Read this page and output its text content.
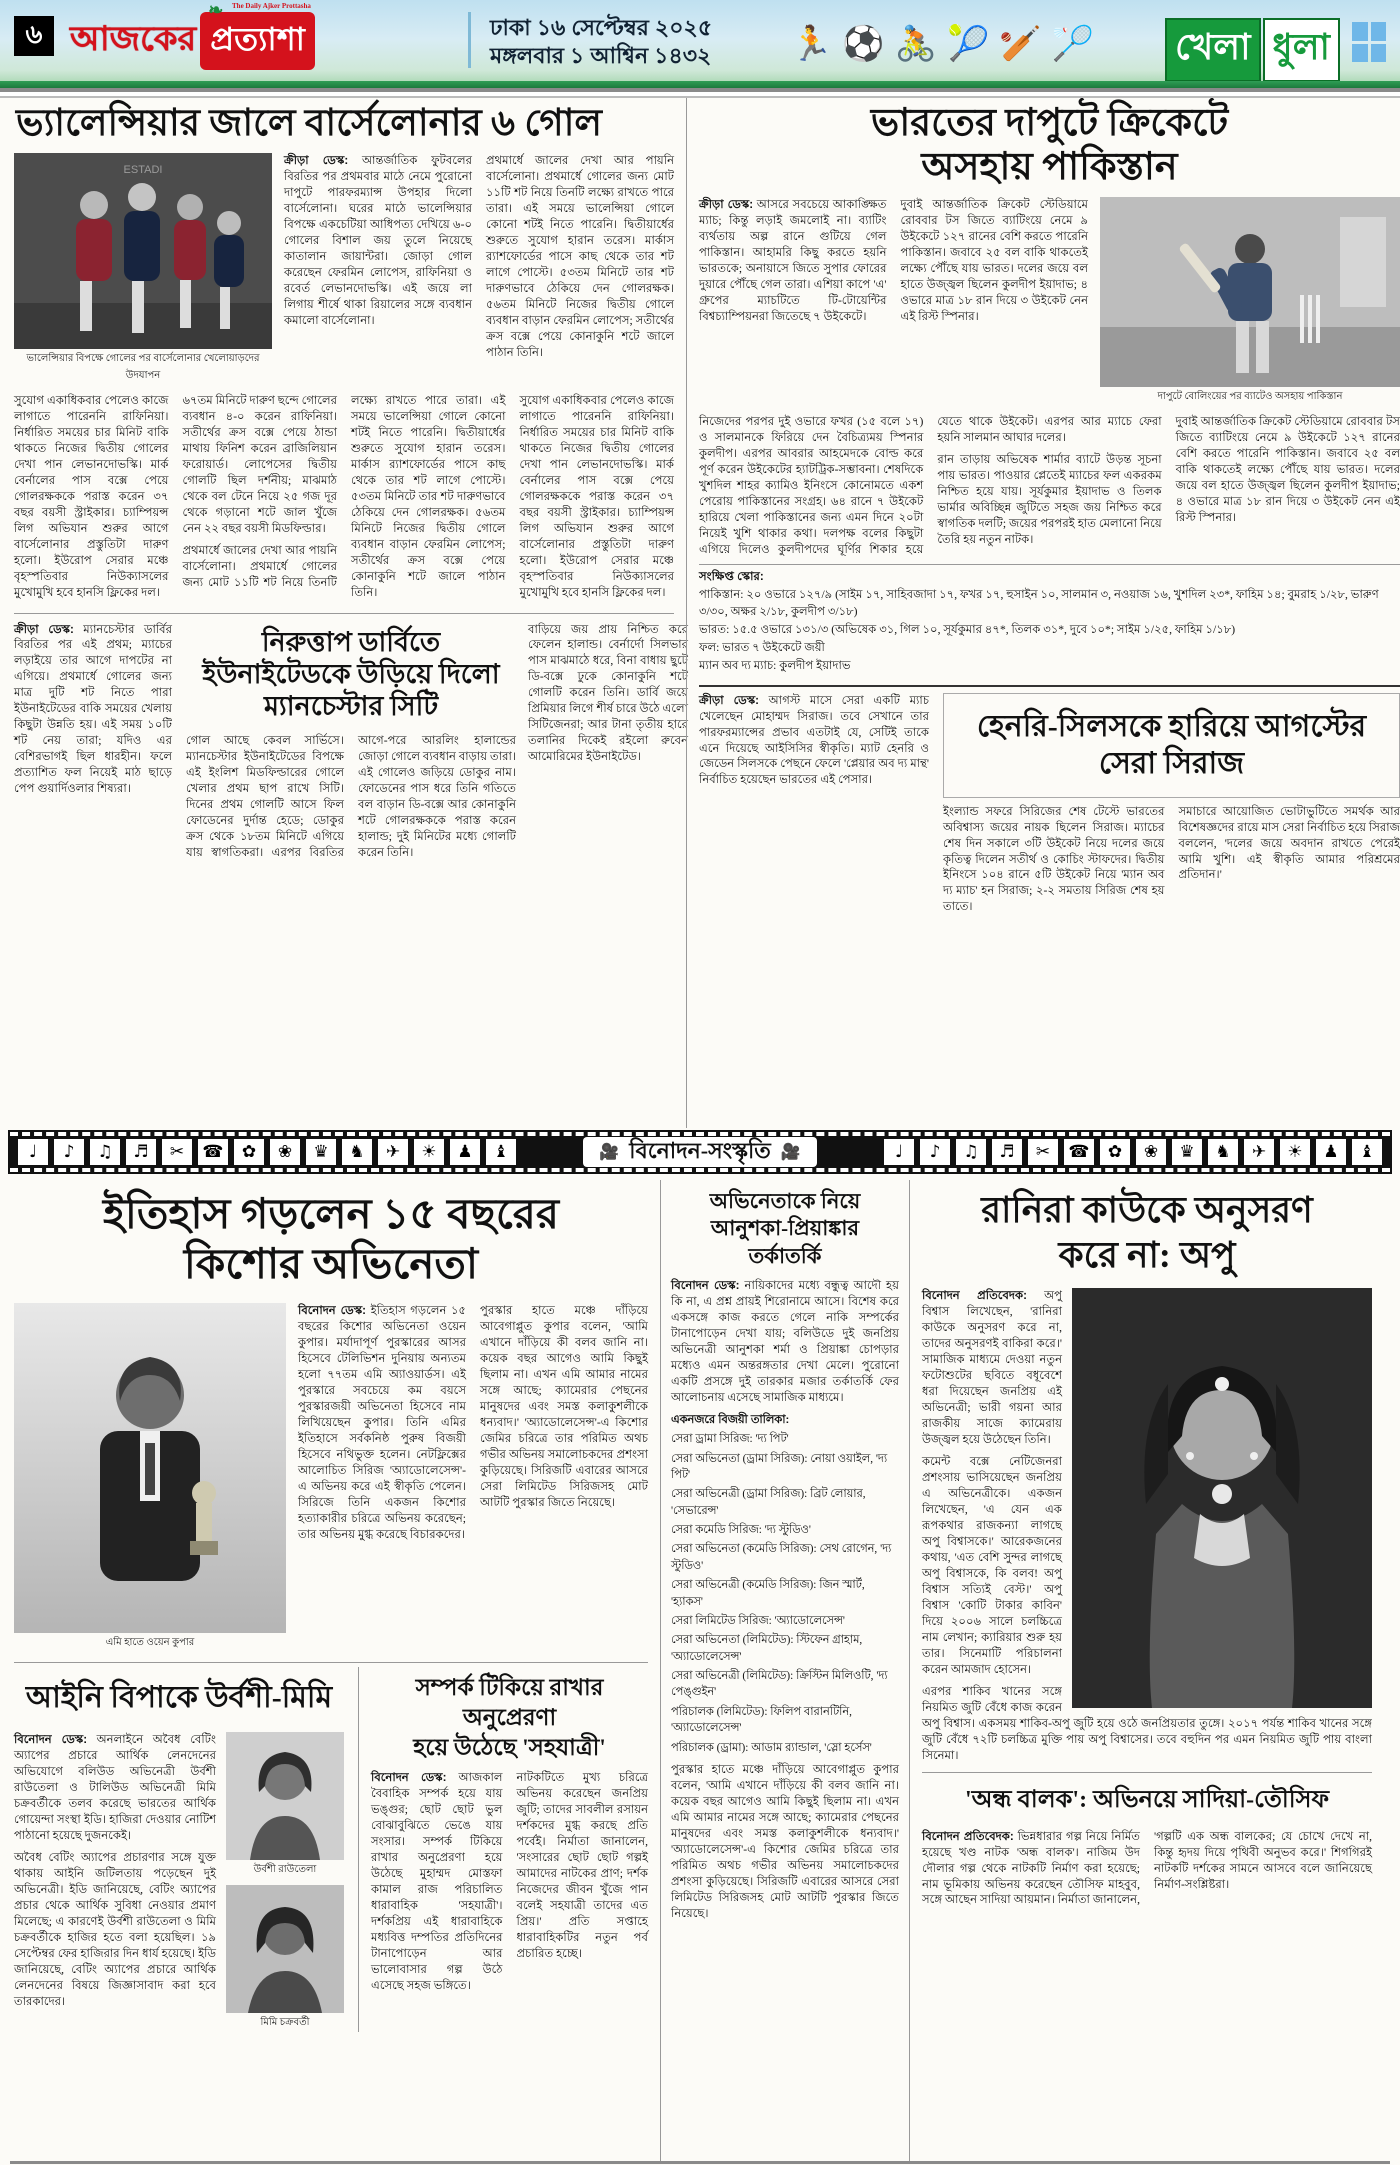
৬ আজকের
❧ The Daily Ajker Prottasha
প্রত্যাশা	ঢাকা ১৬ সেপ্টেম্বর ২০২৫
মঙ্গলবার ১ আশ্বিন ১৪৩২ 🏃 ⚽ 🚴 🎾 🏏 🏸 খেলা ধুলা
ভ্যালেন্সিয়ার জালে বার্সেলোনার ৬ গোল
ESTADI
ভালেন্সিয়ার বিপক্ষে গোলের পর বার্সেলোনার খেলোয়াড়দের উদযাপন

ক্রীড়া ডেস্ক: আন্তর্জাতিক ফুটবলের বিরতির পর প্রথমবার মাঠে নেমে পুরোনো দাপুটে পারফরম্যান্স উপহার দিলো বার্সেলোনা। ঘরের মাঠে ভালেন্সিয়ার বিপক্ষে একচেটিয়া আধিপত্য দেখিয়ে ৬-০ গোলের বিশাল জয় তুলে নিয়েছে কাতালান জায়ান্টরা। জোড়া গোল করেছেন ফেরমিন লোপেস, রাফিনিয়া ও রবের্ত লেভানদোভস্কি। এই জয়ে লা লিগায় শীর্ষে থাকা রিয়ালের সঙ্গে ব্যবধান কমালো বার্সেলোনা।

প্রথমার্ধে জালের দেখা আর পায়নি বার্সেলোনা। প্রথমার্ধে গোলের জন্য মোট ১১টি শট নিয়ে তিনটি লক্ষ্যে রাখতে পারে তারা। এই সময়ে ভালেন্সিয়া গোলে কোনো শটই নিতে পারেনি। দ্বিতীয়ার্ধের শুরুতে সুযোগ হারান তরেস। মার্কাস র‍্যাশফোর্ডের পাসে কাছ থেকে তার শট লাগে পোস্টে। ৫৩তম মিনিটে তার শট দারুণভাবে ঠেকিয়ে দেন গোলরক্ষক। ৫৬তম মিনিটে নিজের দ্বিতীয় গোলে ব্যবধান বাড়ান ফেরমিন লোপেস; সতীর্থের ক্রস বক্সে পেয়ে কোনাকুনি শটে জালে পাঠান তিনি।

সুযোগ একাধিকবার পেলেও কাজে লাগাতে পারেননি রাফিনিয়া। নির্ধারিত সময়ের চার মিনিট বাকি থাকতে নিজের দ্বিতীয় গোলের দেখা পান লেভানদোভস্কি। মার্ক বের্নালের পাস বক্সে পেয়ে গোলরক্ষককে পরাস্ত করেন ৩৭ বছর বয়সী স্ট্রাইকার। চ্যাম্পিয়ন্স লিগ অভিযান শুরুর আগে বার্সেলোনার প্রস্তুতিটা দারুণ হলো। ইউরোপ সেরার মঞ্চে বৃহস্পতিবার নিউক্যাসলের মুখোমুখি হবে হানসি ফ্লিকের দল।

৬৭তম মিনিটে দারুণ ছন্দে গোলের ব্যবধান ৪-০ করেন রাফিনিয়া। সতীর্থের ক্রস বক্সে পেয়ে ঠান্ডা মাথায় ফিনিশ করেন ব্রাজিলিয়ান ফরোয়ার্ড। লোপেসের দ্বিতীয় গোলটি ছিল দর্শনীয়; মাঝমাঠ থেকে বল টেনে নিয়ে ২৫ গজ দূর থেকে গড়ানো শটে জাল খুঁজে নেন ২২ বছর বয়সী মিডফিল্ডার।

প্রথমার্ধে জালের দেখা আর পায়নি বার্সেলোনা। প্রথমার্ধে গোলের জন্য মোট ১১টি শট নিয়ে তিনটি লক্ষ্যে রাখতে পারে তারা। এই সময়ে ভালেন্সিয়া গোলে কোনো শটই নিতে পারেনি। দ্বিতীয়ার্ধের শুরুতে সুযোগ হারান তরেস। মার্কাস র‍্যাশফোর্ডের পাসে কাছ থেকে তার শট লাগে পোস্টে। ৫৩তম মিনিটে তার শট দারুণভাবে ঠেকিয়ে দেন গোলরক্ষক। ৫৬তম মিনিটে নিজের দ্বিতীয় গোলে ব্যবধান বাড়ান ফেরমিন লোপেস; সতীর্থের ক্রস বক্সে পেয়ে কোনাকুনি শটে জালে পাঠান তিনি।

সুযোগ একাধিকবার পেলেও কাজে লাগাতে পারেননি রাফিনিয়া। নির্ধারিত সময়ের চার মিনিট বাকি থাকতে নিজের দ্বিতীয় গোলের দেখা পান লেভানদোভস্কি। মার্ক বের্নালের পাস বক্সে পেয়ে গোলরক্ষককে পরাস্ত করেন ৩৭ বছর বয়সী স্ট্রাইকার। চ্যাম্পিয়ন্স লিগ অভিযান শুরুর আগে বার্সেলোনার প্রস্তুতিটা দারুণ হলো। ইউরোপ সেরার মঞ্চে বৃহস্পতিবার নিউক্যাসলের মুখোমুখি হবে হানসি ফ্লিকের দল।

ক্রীড়া ডেস্ক: ম্যানচেস্টার ডার্বির বিরতির পর এই প্রথম; ম্যাচের লড়াইয়ে তার আগে দাপটের না এগিয়ে। প্রথমার্ধে গোলের জন্য মাত্র দুটি শট নিতে পারা ইউনাইটেডের বাকি সময়ের খেলায় কিছুটা উন্নতি হয়। এই সময় ১০টি শট নেয় তারা; যদিও এর বেশিরভাগই ছিল ধারহীন। ফলে প্রত্যাশিত ফল নিয়েই মাঠ ছাড়ে পেপ গুয়ার্দিওলার শিষ্যরা।

নিরুত্তাপ ডার্বিতে ইউনাইটেডকে উড়িয়ে দিলো ম্যানচেস্টার সিটি

গোল আছে কেবল সার্ভিসে। ম্যানচেস্টার ইউনাইটেডের বিপক্ষে এই ইংলিশ মিডফিল্ডারের গোলে খেলার প্রথম ছাপ রাখে সিটি। দিনের প্রথম গোলটি আসে ফিল ফোডেনের দুর্দান্ত হেডে; ডোকুর ক্রস থেকে ১৮তম মিনিটে এগিয়ে যায় স্বাগতিকরা। এরপর বিরতির আগে-পরে আরলিং হালান্ডের জোড়া গোলে ব্যবধান বাড়ায় তারা। এই গোলেও জড়িয়ে ডোকুর নাম। ফোডেনের পাস ধরে তিনি গতিতে বল বাড়ান ডি-বক্সে আর কোনাকুনি শটে গোলরক্ষককে পরাস্ত করেন হালান্ড; দুই মিনিটের মধ্যে গোলটি করেন তিনি।

বাড়িয়ে জয় প্রায় নিশ্চিত করে ফেলেন হালান্ড। বের্নার্দো সিলভার পাস মাঝমাঠে ধরে, বিনা বাধায় ছুটে ডি-বক্সে ঢুকে কোনাকুনি শটে গোলটি করেন তিনি। ডার্বি জয়ে প্রিমিয়ার লিগে শীর্ষ চারে উঠে এলো সিটিজেনরা; আর টানা তৃতীয় হারে তলানির দিকেই রইলো রুবেন আমোরিমের ইউনাইটেড।

ভারতের দাপুটে ক্রিকেটে
অসহায় পাকিস্তান

ক্রীড়া ডেস্ক: আসরে সবচেয়ে আকাঙ্ক্ষিত ম্যাচ; কিন্তু লড়াই জমলোই না। ব্যাটিং ব্যর্থতায় অল্প রানে গুটিয়ে গেল পাকিস্তান। আহামরি কিছু করতে হয়নি ভারতকে; অনায়াসে জিতে সুপার ফোরের দুয়ারে পৌঁছে গেল তারা। এশিয়া কাপে 'এ' গ্রুপের ম্যাচটিতে টি-টোয়েন্টির বিশ্বচ্যাম্পিয়নরা জিতেছে ৭ উইকেটে।

দুবাই আন্তর্জাতিক ক্রিকেট স্টেডিয়ামে রোববার টস জিতে ব্যাটিংয়ে নেমে ৯ উইকেটে ১২৭ রানের বেশি করতে পারেনি পাকিস্তান। জবাবে ২৫ বল বাকি থাকতেই লক্ষ্যে পৌঁছে যায় ভারত। দলের জয়ে বল হাতে উজ্জ্বল ছিলেন কুলদীপ ইয়াদাভ; ৪ ওভারে মাত্র ১৮ রান দিয়ে ৩ উইকেট নেন এই রিস্ট স্পিনার।

দাপুটে বোলিংয়ের পর ব্যাটেও অসহায় পাকিস্তান

নিজেদের পরপর দুই ওভারে ফখর (১৫ বলে ১৭) ও সালমানকে ফিরিয়ে দেন বৈচিত্র্যময় স্পিনার কুলদীপ। এরপর আবরার আহমেদকে বোল্ড করে পূর্ণ করেন উইকেটের হ্যাটট্রিক-সম্ভাবনা। শেষদিকে খুশদিল শাহর ক্যামিও ইনিংসে কোনোমতে একশ পেরোয় পাকিস্তানের সংগ্রহ। ৬৪ রানে ৭ উইকেট হারিয়ে খেলা পাকিস্তানের জন্য এমন দিনে ২০টা নিয়েই খুশি থাকার কথা। দলপক্ষ বলের কিছুটা এগিয়ে দিলেও কুলদীপদের ঘূর্ণির শিকার হয়ে যেতে থাকে উইকেট। এরপর আর ম্যাচে ফেরা হয়নি সালমান আঘার দলের।

রান তাড়ায় অভিষেক শার্মার ব্যাটে উড়ন্ত সূচনা পায় ভারত। পাওয়ার প্লেতেই ম্যাচের ফল একরকম নিশ্চিত হয়ে যায়। সূর্যকুমার ইয়াদাভ ও তিলক ভার্মার অবিচ্ছিন্ন জুটিতে সহজ জয় নিশ্চিত করে স্বাগতিক দলটি; জয়ের পরপরই হাত মেলানো নিয়ে তৈরি হয় নতুন নাটক।

দুবাই আন্তর্জাতিক ক্রিকেট স্টেডিয়ামে রোববার টস জিতে ব্যাটিংয়ে নেমে ৯ উইকেটে ১২৭ রানের বেশি করতে পারেনি পাকিস্তান। জবাবে ২৫ বল বাকি থাকতেই লক্ষ্যে পৌঁছে যায় ভারত। দলের জয়ে বল হাতে উজ্জ্বল ছিলেন কুলদীপ ইয়াদাভ; ৪ ওভারে মাত্র ১৮ রান দিয়ে ৩ উইকেট নেন এই রিস্ট স্পিনার।

সংক্ষিপ্ত স্কোর:
পাকিস্তান: ২০ ওভারে ১২৭/৯ (সাইম ১৭, সাহিবজাদা ১৭, ফখর ১৭, হুসাইন ১০, সালমান ৩, নওয়াজ ১৬, খুশদিল ২৩*, ফাহিম ১৪; বুমরাহ ১/২৮, ভারুণ ৩/৩০, অক্ষর ২/১৮, কুলদীপ ৩/১৮)
ভারত: ১৫.৫ ওভারে ১৩১/৩ (অভিষেক ৩১, গিল ১০, সূর্যকুমার ৪৭*, তিলক ৩১*, দুবে ১০*; সাইম ১/২৫, ফাহিম ১/১৮)
ফল: ভারত ৭ উইকেটে জয়ী
ম্যান অব দ্য ম্যাচ: কুলদীপ ইয়াদাভ

ক্রীড়া ডেস্ক: আগস্ট মাসে সেরা একটি ম্যাচ খেলেছেন মোহাম্মদ সিরাজ। তবে সেখানে তার পারফরম্যান্সের প্রভাব এতটাই যে, সেটিই তাকে এনে দিয়েছে আইসিসির স্বীকৃতি। ম্যাট হেনরি ও জেডেন সিলসকে পেছনে ফেলে 'প্লেয়ার অব দ্য মান্থ' নির্বাচিত হয়েছেন ভারতের এই পেসার।

হেনরি-সিলসকে হারিয়ে আগস্টের সেরা সিরাজ

ইংল্যান্ড সফরে সিরিজের শেষ টেস্টে ভারতের অবিশ্বাস্য জয়ের নায়ক ছিলেন সিরাজ। ম্যাচের শেষ দিন সকালে ৩টি উইকেট নিয়ে দলের জয়ে কৃতিত্ব দিলেন সতীর্থ ও কোচিং স্টাফদের। দ্বিতীয় ইনিংসে ১০৪ রানে ৫টি উইকেট নিয়ে 'ম্যান অব দ্য ম্যাচ' হন সিরাজ; ২-২ সমতায় সিরিজ শেষ হয় তাতে।

সমাচারে আয়োজিত ভোটাভুটিতে সমর্থক আর বিশেষজ্ঞদের রায়ে মাস সেরা নির্বাচিত হয়ে সিরাজ বললেন, 'দলের জয়ে অবদান রাখতে পেরেই আমি খুশি। এই স্বীকৃতি আমার পরিশ্রমের প্রতিদান।'

♩	♪	♫	♬	✂	☎	✿	❀	♛	♞	✈	☀	♟	♝	🎥 বিনোদন-সংস্কৃতি 🎥	♩	♪	♫	♬	✂	☎	✿	❀	♛	♞	✈	☀	♟	♝
ইতিহাস গড়লেন ১৫ বছরের
কিশোর অভিনেতা
এমি হাতে ওয়েন কুপার

বিনোদন ডেস্ক: ইতিহাস গড়লেন ১৫ বছরের কিশোর অভিনেতা ওয়েন কুপার। মর্যাদাপূর্ণ পুরস্কারের আসর হিসেবে টেলিভিশন দুনিয়ায় অন্যতম হলো ৭৭তম এমি অ্যাওয়ার্ডস। এই পুরস্কারে সবচেয়ে কম বয়সে পুরস্কারজয়ী অভিনেতা হিসেবে নাম লিখিয়েছেন কুপার। তিনি এমির ইতিহাসে সর্বকনিষ্ঠ পুরুষ বিজয়ী হিসেবে নথিভুক্ত হলেন। নেটফ্লিক্সের আলোচিত সিরিজ 'অ্যাডোলেসেন্স'-এ অভিনয় করে এই স্বীকৃতি পেলেন। সিরিজে তিনি একজন কিশোর হত্যাকারীর চরিত্রে অভিনয় করেছেন; তার অভিনয় মুগ্ধ করেছে বিচারকদের।

পুরস্কার হাতে মঞ্চে দাঁড়িয়ে আবেগাপ্লুত কুপার বলেন, 'আমি এখানে দাঁড়িয়ে কী বলব জানি না। কয়েক বছর আগেও আমি কিছুই ছিলাম না। এখন এমি আমার নামের সঙ্গে আছে; ক্যামেরার পেছনের মানুষদের এবং সমস্ত কলাকুশলীকে ধন্যবাদ।' 'অ্যাডোলেসেন্স'-এ কিশোর জেমির চরিত্রে তার পরিমিত অথচ গভীর অভিনয় সমালোচকদের প্রশংসা কুড়িয়েছে। সিরিজটি এবারের আসরে সেরা লিমিটেড সিরিজসহ মোট আটটি পুরস্কার জিতে নিয়েছে।

আইনি বিপাকে উর্বশী-মিমি

বিনোদন ডেস্ক: অনলাইনে অবৈধ বেটিং অ্যাপের প্রচারে আর্থিক লেনদেনের অভিযোগে বলিউড অভিনেত্রী উর্বশী রাউতেলা ও টালিউড অভিনেত্রী মিমি চক্রবর্তীকে তলব করেছে ভারতের আর্থিক গোয়েন্দা সংস্থা ইডি। হাজিরা দেওয়ার নোটিশ পাঠানো হয়েছে দুজনকেই।

অবৈধ বেটিং অ্যাপের প্রচারণার সঙ্গে যুক্ত থাকায় আইনি জটিলতায় পড়েছেন দুই অভিনেত্রী। ইডি জানিয়েছে, বেটিং অ্যাপের প্রচার থেকে আর্থিক সুবিধা নেওয়ার প্রমাণ মিলেছে; এ কারণেই উর্বশী রাউতেলা ও মিমি চক্রবর্তীকে হাজির হতে বলা হয়েছিল। ১৯ সেপ্টেম্বর ফের হাজিরার দিন ধার্য হয়েছে। ইডি জানিয়েছে, বেটিং অ্যাপের প্রচারে আর্থিক লেনদেনের বিষয়ে জিজ্ঞাসাবাদ করা হবে তারকাদের।

উর্বশী রাউতেলা
মিমি চক্রবর্তী
সম্পর্ক টিকিয়ে রাখার অনুপ্রেরণা
হয়ে উঠেছে 'সহযাত্রী'

বিনোদন ডেস্ক: আজকাল বৈবাহিক সম্পর্ক হয়ে যায় ভঙ্গুর; ছোট ছোট ভুল বোঝাবুঝিতে ভেঙে যায় সংসার। সম্পর্ক টিকিয়ে রাখার অনুপ্রেরণা হয়ে উঠেছে মুহাম্মদ মোস্তফা কামাল রাজ পরিচালিত ধারাবাহিক 'সহযাত্রী'। দর্শকপ্রিয় এই ধারাবাহিকে মধ্যবিত্ত দম্পতির প্রতিদিনের টানাপোড়েন আর ভালোবাসার গল্প উঠে এসেছে সহজ ভঙ্গিতে।

নাটকটিতে মুখ্য চরিত্রে অভিনয় করেছেন জনপ্রিয় জুটি; তাদের সাবলীল রসায়ন দর্শকদের মুগ্ধ করছে প্রতি পর্বেই। নির্মাতা জানালেন, 'সংসারের ছোট ছোট গল্পই আমাদের নাটকের প্রাণ; দর্শক নিজেদের জীবন খুঁজে পান বলেই সহযাত্রী তাদের এত প্রিয়।' প্রতি সপ্তাহে ধারাবাহিকটির নতুন পর্ব প্রচারিত হচ্ছে।

অভিনেতাকে নিয়ে
আনুশকা-প্রিয়াঙ্কার
তর্কাতর্কি

বিনোদন ডেস্ক: নায়িকাদের মধ্যে বন্ধুত্ব আদৌ হয় কি না, এ প্রশ্ন প্রায়ই শিরোনামে আসে। বিশেষ করে একসঙ্গে কাজ করতে গেলে নাকি সম্পর্কের টানাপোড়েন দেখা যায়; বলিউডে দুই জনপ্রিয় অভিনেত্রী আনুশকা শর্মা ও প্রিয়াঙ্কা চোপড়ার মধ্যেও এমন অন্তরঙ্গতার দেখা মেলে। পুরোনো একটি প্রসঙ্গে দুই তারকার মজার তর্কাতর্কি ফের আলোচনায় এসেছে সামাজিক মাধ্যমে।

একনজরে বিজয়ী তালিকা:
সেরা ড্রামা সিরিজ: 'দ্য পিট'
সেরা অভিনেতা (ড্রামা সিরিজ): নোয়া ওয়াইল, 'দ্য পিট'
সেরা অভিনেত্রী (ড্রামা সিরিজ): ব্রিট লোয়ার, 'সেভারেন্স'
সেরা কমেডি সিরিজ: 'দ্য স্টুডিও'
সেরা অভিনেতা (কমেডি সিরিজ): সেথ রোগেন, 'দ্য স্টুডিও'
সেরা অভিনেত্রী (কমেডি সিরিজ): জিন স্মার্ট, 'হ্যাকস'
সেরা লিমিটেড সিরিজ: 'অ্যাডোলেসেন্স'
সেরা অভিনেতা (লিমিটেড): স্টিফেন গ্রাহাম, 'অ্যাডোলেসেন্স'
সেরা অভিনেত্রী (লিমিটেড): ক্রিস্টিন মিলিওটি, 'দ্য পেঙ্গুইন'
পরিচালক (লিমিটেড): ফিলিপ বারানটিনি, 'অ্যাডোলেসেন্স'
পরিচালক (ড্রামা): আডাম র‍্যান্ডাল, 'স্লো হর্সেস'

পুরস্কার হাতে মঞ্চে দাঁড়িয়ে আবেগাপ্লুত কুপার বলেন, 'আমি এখানে দাঁড়িয়ে কী বলব জানি না। কয়েক বছর আগেও আমি কিছুই ছিলাম না। এখন এমি আমার নামের সঙ্গে আছে; ক্যামেরার পেছনের মানুষদের এবং সমস্ত কলাকুশলীকে ধন্যবাদ।' 'অ্যাডোলেসেন্স'-এ কিশোর জেমির চরিত্রে তার পরিমিত অথচ গভীর অভিনয় সমালোচকদের প্রশংসা কুড়িয়েছে। সিরিজটি এবারের আসরে সেরা লিমিটেড সিরিজসহ মোট আটটি পুরস্কার জিতে নিয়েছে।

রানিরা কাউকে অনুসরণ
করে না: অপু

বিনোদন প্রতিবেদক: অপু বিশ্বাস লিখেছেন, 'রানিরা কাউকে অনুসরণ করে না, তাদের অনুসরণই বাকিরা করে।' সামাজিক মাধ্যমে দেওয়া নতুন ফটোশুটের ছবিতে বধূবেশে ধরা দিয়েছেন জনপ্রিয় এই অভিনেত্রী; ভারী গয়না আর রাজকীয় সাজে ক্যামেরায় উজ্জ্বল হয়ে উঠেছেন তিনি।

কমেন্ট বক্সে নেটিজেনরা প্রশংসায় ভাসিয়েছেন জনপ্রিয় এ অভিনেত্রীকে। একজন লিখেছেন, 'এ যেন এক রূপকথার রাজকন্যা লাগছে অপু বিশ্বাসকে।' আরেকজনের কথায়, 'এত বেশি সুন্দর লাগছে অপু বিশ্বাসকে, কি বলব! অপু বিশ্বাস সত্যিই বেস্ট।' অপু বিশ্বাস 'কোটি টাকার কাবিন' দিয়ে ২০০৬ সালে চলচ্চিত্রে নাম লেখান; ক্যারিয়ার শুরু হয় তার। সিনেমাটি পরিচালনা করেন আমজাদ হোসেন।

এরপর শাকিব খানের সঙ্গে নিয়মিত জুটি বেঁধে কাজ করেন অপু বিশ্বাস। একসময় শাকিব-অপু জুটি হয়ে ওঠে জনপ্রিয়তার তুঙ্গে। ২০১৭ পর্যন্ত শাকিব খানের সঙ্গে জুটি বেঁধে ৭২টি চলচ্চিত্র মুক্তি পায় অপু বিশ্বাসের। তবে বহুদিন পর এমন নিয়মিত জুটি পায় বাংলা সিনেমা।

'অন্ধ বালক': অভিনয়ে সাদিয়া-তৌসিফ

বিনোদন প্রতিবেদক: ভিন্নধারার গল্প নিয়ে নির্মিত হয়েছে খণ্ড নাটক 'অন্ধ বালক'। নাজিম উদ দৌলার গল্প থেকে নাটকটি নির্মাণ করা হয়েছে; নাম ভূমিকায় অভিনয় করেছেন তৌসিফ মাহবুব, সঙ্গে আছেন সাদিয়া আয়মান। নির্মাতা জানালেন, 'গল্পটি এক অন্ধ বালকের; যে চোখে দেখে না, কিন্তু হৃদয় দিয়ে পৃথিবী অনুভব করে।' শিগগিরই নাটকটি দর্শকের সামনে আসবে বলে জানিয়েছে নির্মাণ-সংশ্লিষ্টরা।
